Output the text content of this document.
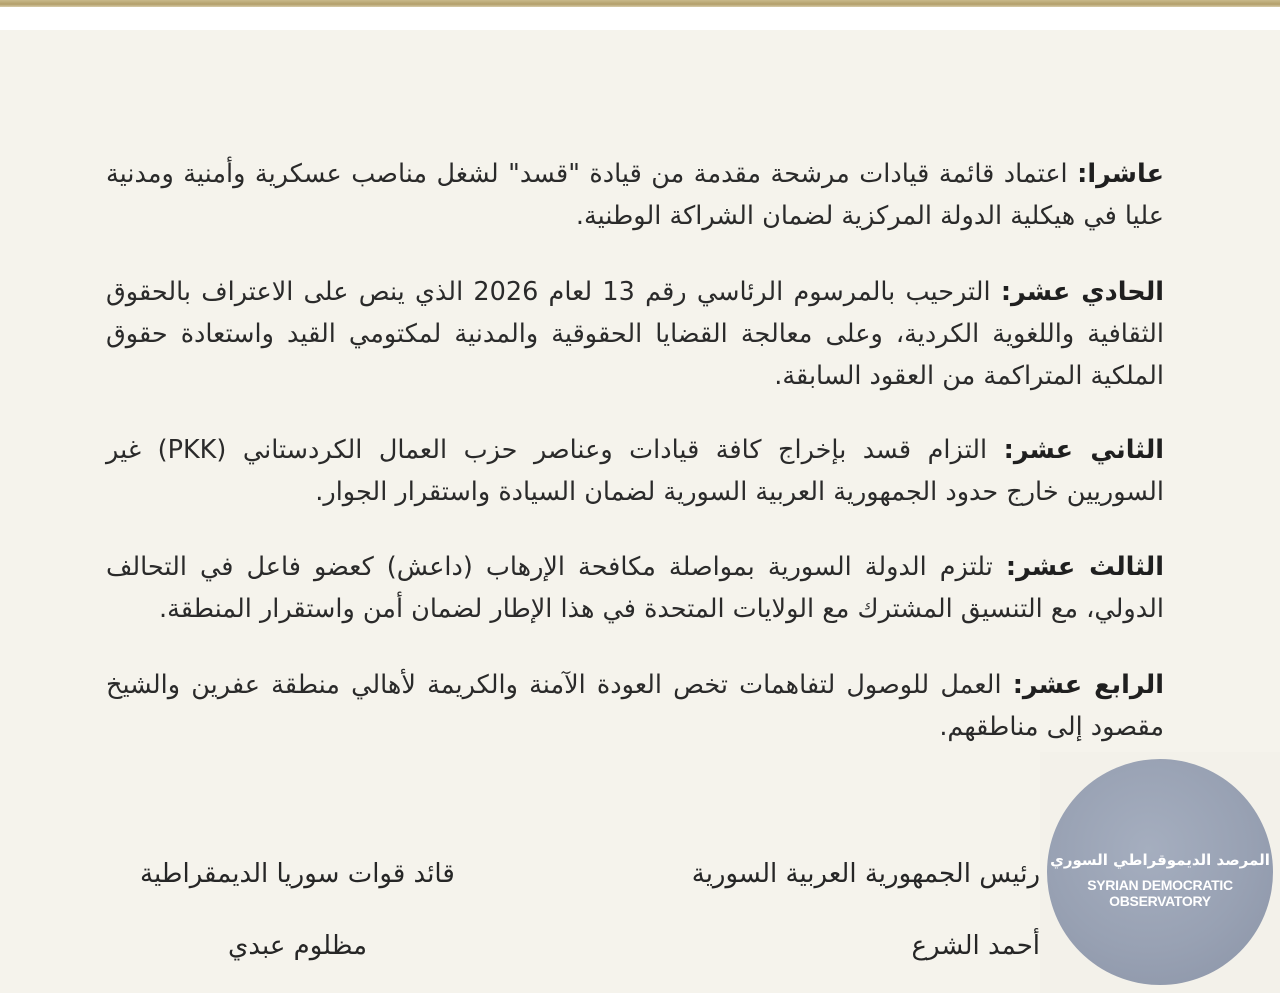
عاشرا: اعتماد قائمة قيادات مرشحة مقدمة من قيادة "قسد" لشغل مناصب عسكرية وأمنية ومدنية عليا في هيكلية الدولة المركزية لضمان الشراكة الوطنية.

الحادي عشر: الترحيب بالمرسوم الرئاسي رقم 13 لعام 2026 الذي ينص على الاعتراف بالحقوق الثقافية واللغوية الكردية، وعلى معالجة القضايا الحقوقية والمدنية لمكتومي القيد واستعادة حقوق الملكية المتراكمة من العقود السابقة.

الثاني عشر: التزام قسد بإخراج كافة قيادات وعناصر حزب العمال الكردستاني (PKK) غير السوريين خارج حدود الجمهورية العربية السورية لضمان السيادة واستقرار الجوار.

الثالث عشر: تلتزم الدولة السورية بمواصلة مكافحة الإرهاب (داعش) كعضو فاعل في التحالف الدولي، مع التنسيق المشترك مع الولايات المتحدة في هذا الإطار لضمان أمن واستقرار المنطقة.

الرابع عشر: العمل للوصول لتفاهمات تخص العودة الآمنة والكريمة لأهالي منطقة عفرين والشيخ مقصود إلى مناطقهم.

رئيس الجمهورية العربية السورية
أحمد الشرع
قائد قوات سوريا الديمقراطية
مظلوم عبدي
المرصد الديموقراطي السوري
SYRIAN DEMOCRATIC OBSERVATORY
